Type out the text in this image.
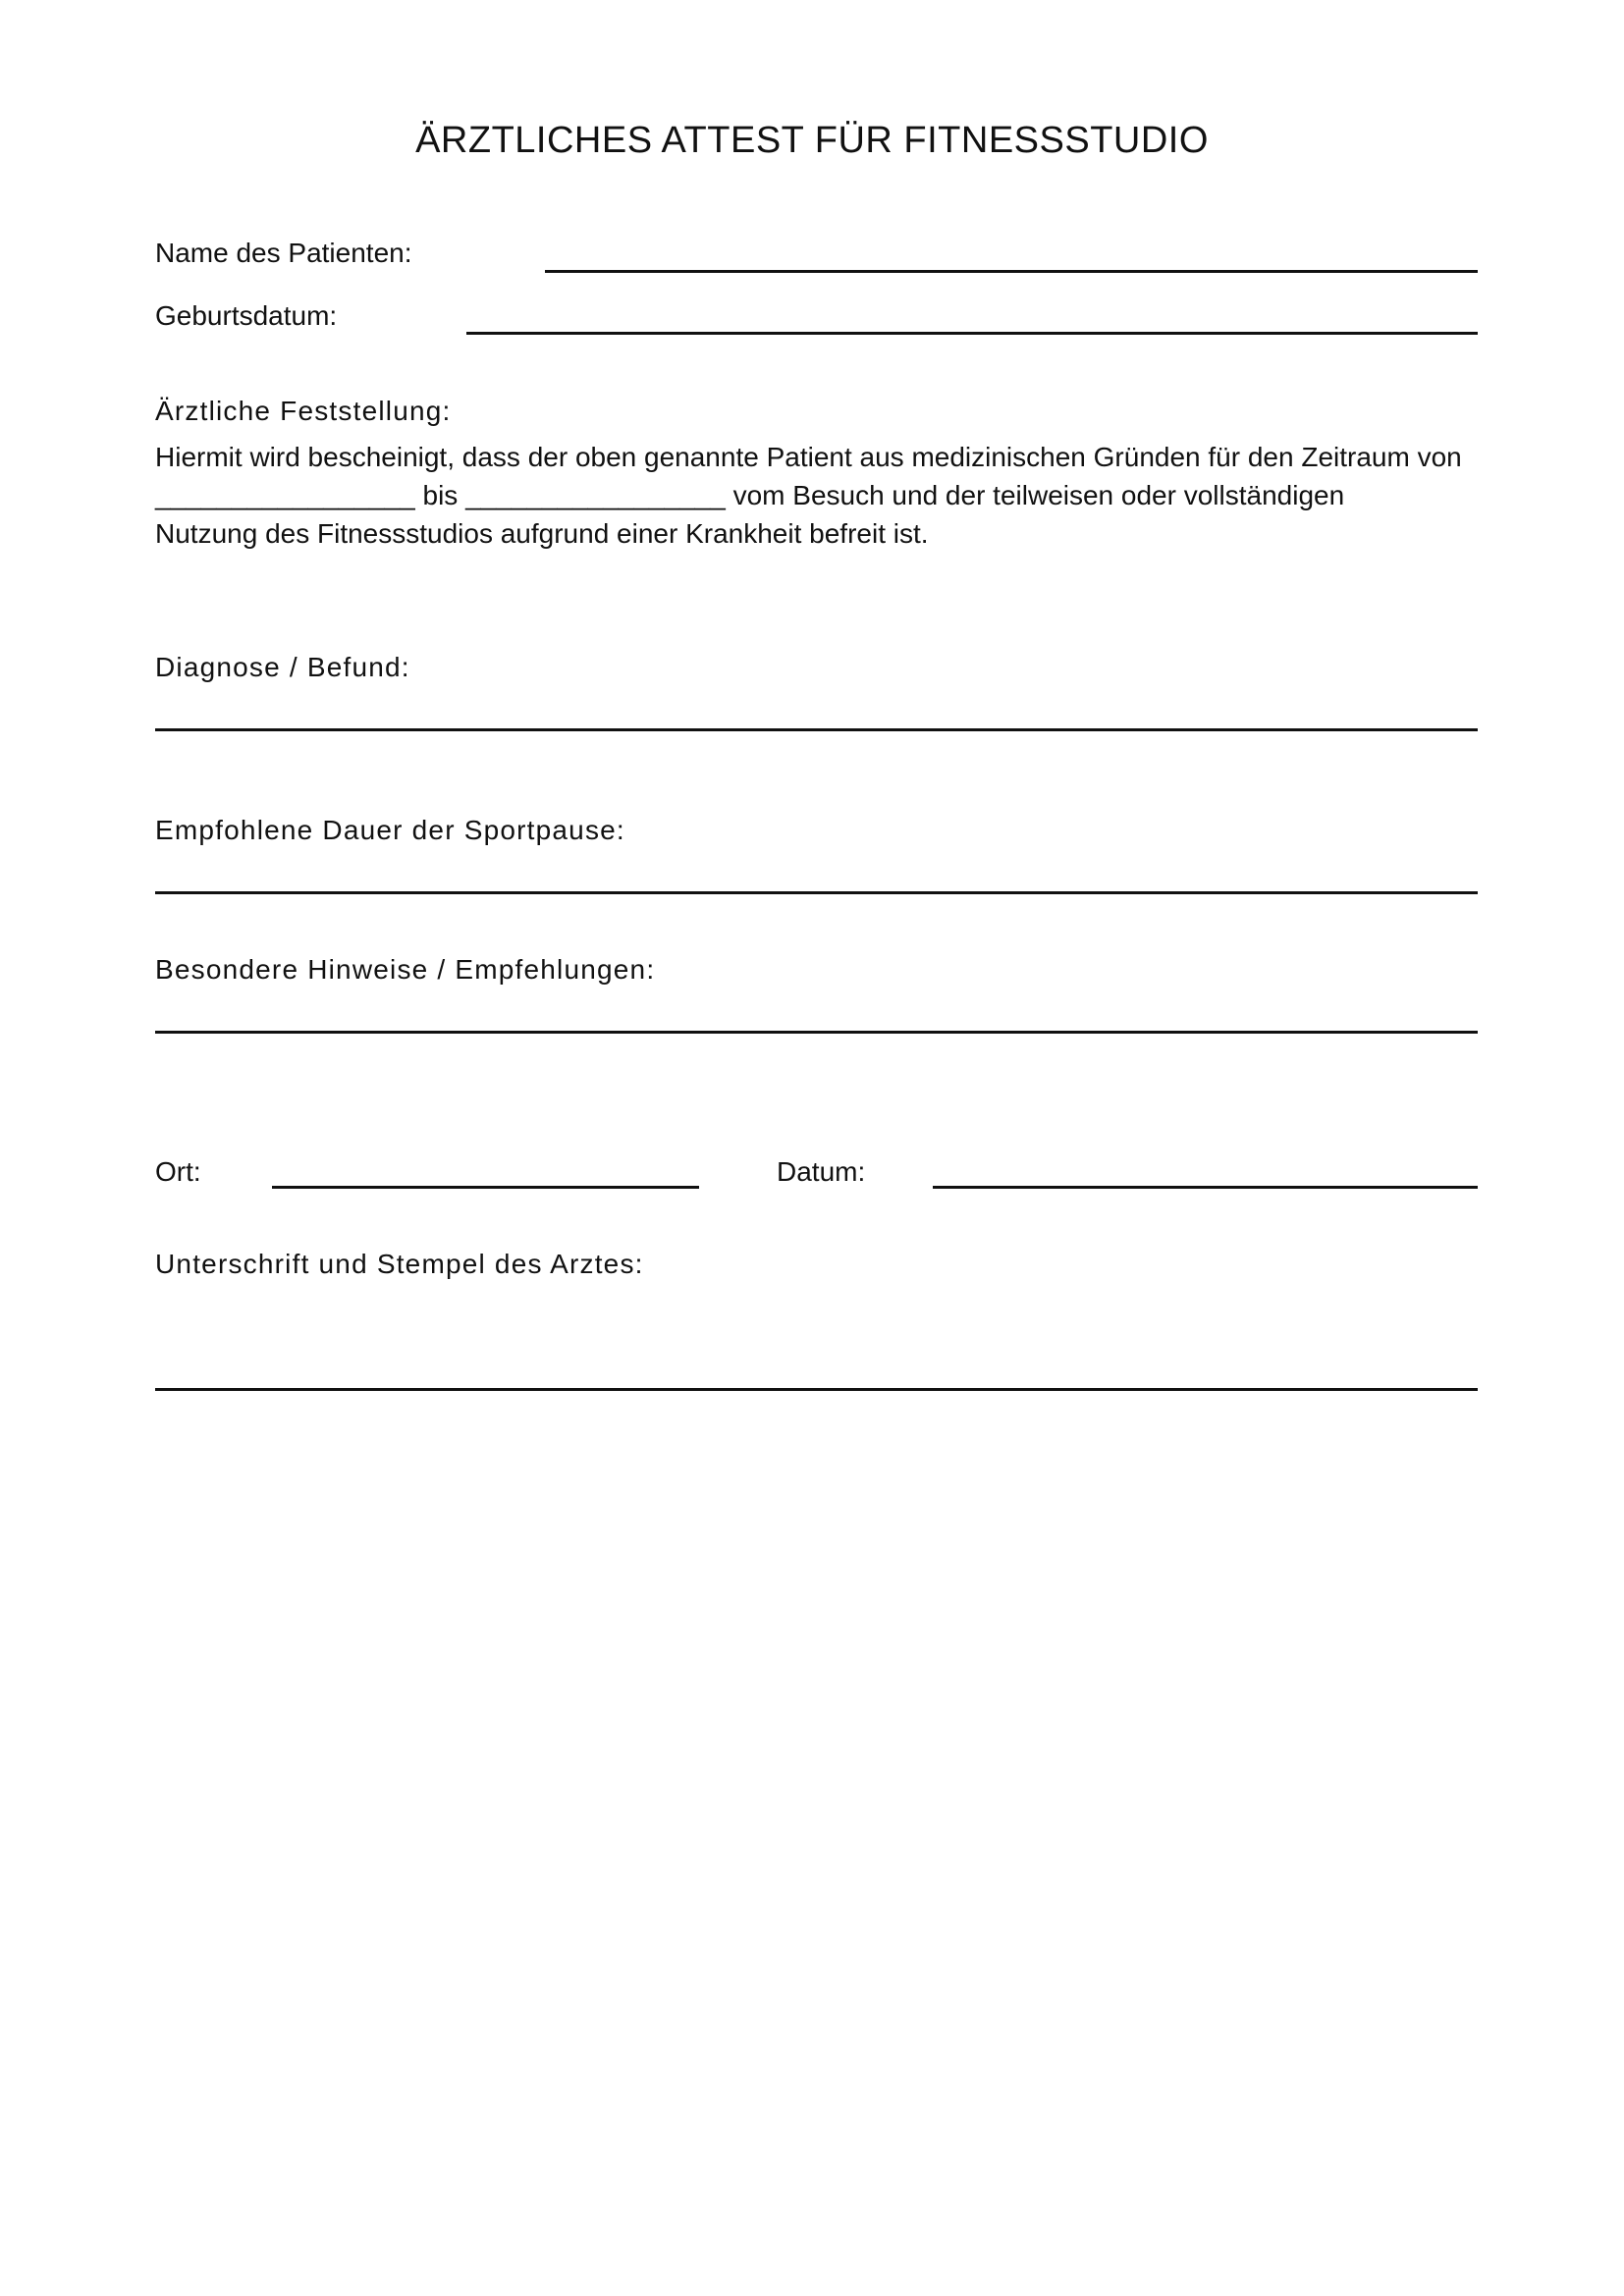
ÄRZTLICHES ATTEST FÜR FITNESSSTUDIO
Name des Patienten:
Geburtsdatum:
Ärztliche Feststellung:
Hiermit wird bescheinigt, dass der oben genannte Patient aus medizinischen Gründen für den Zeitraum von
_________________ bis _________________ vom Besuch und der teilweisen oder vollständigen
Nutzung des Fitnessstudios aufgrund einer Krankheit befreit ist.
Diagnose / Befund:
Empfohlene Dauer der Sportpause:
Besondere Hinweise / Empfehlungen:
Ort:	Datum:
Unterschrift und Stempel des Arztes:
